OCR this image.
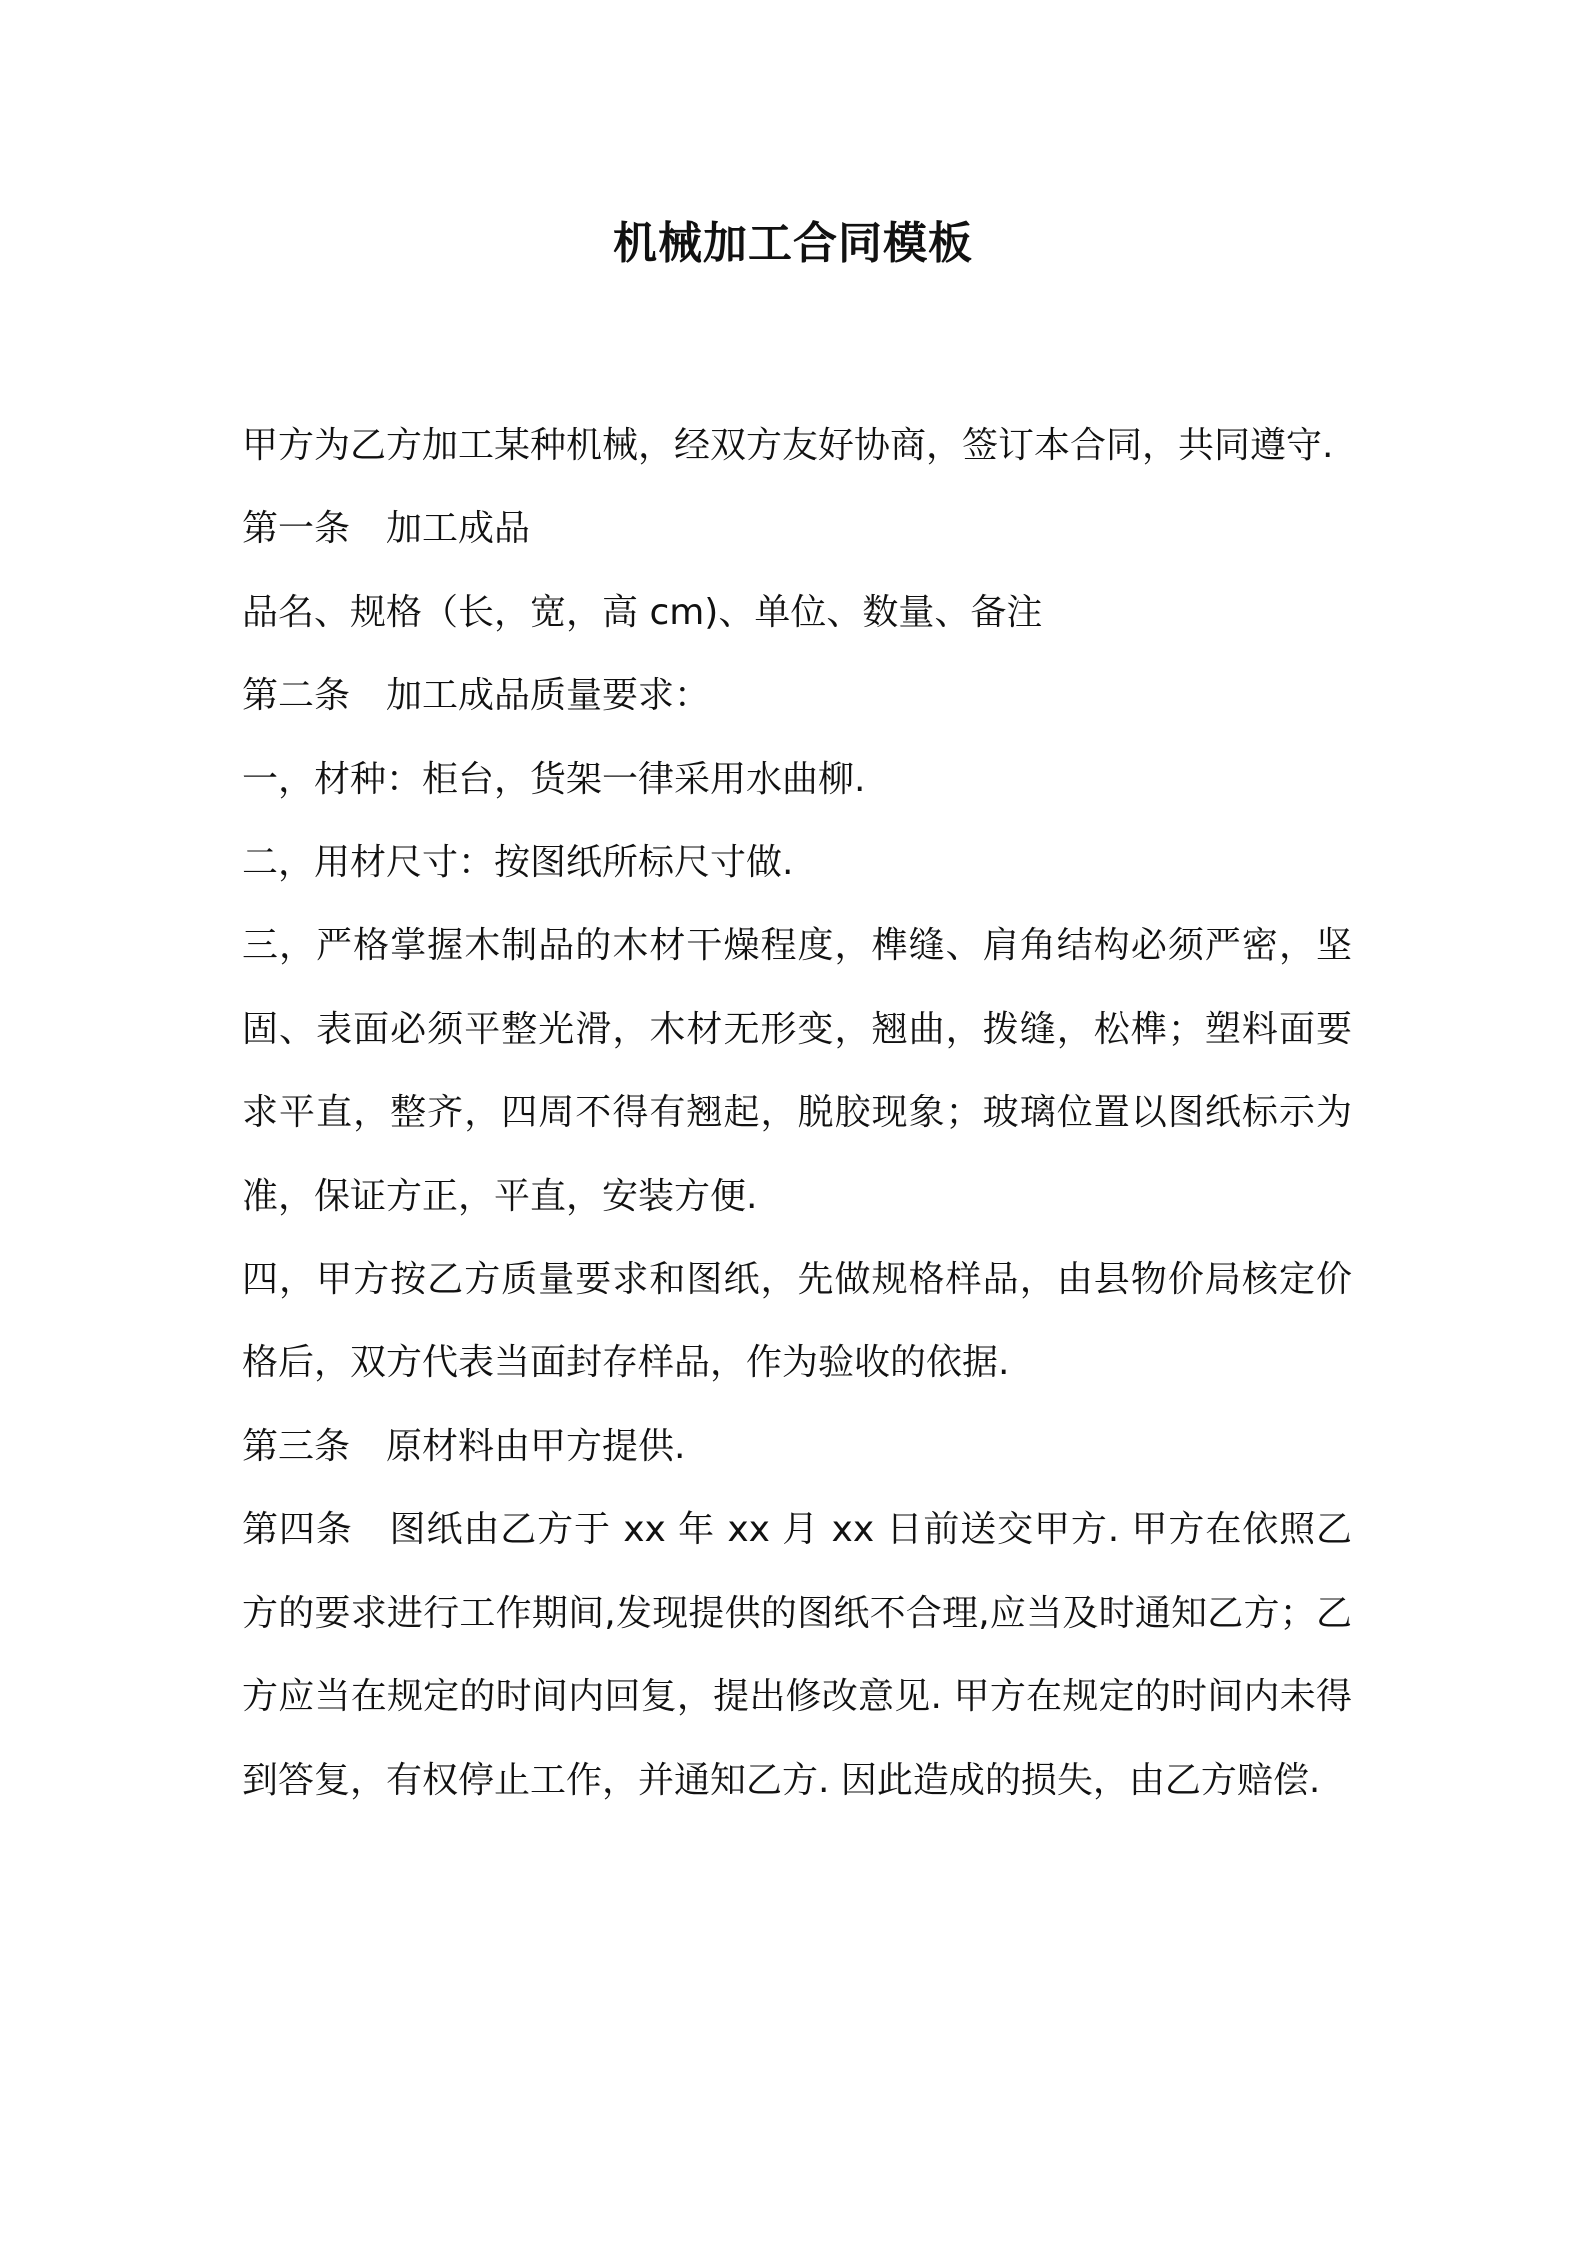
机械加工合同模板

甲方为乙方加工某种机械，经双方友好协商，签订本合同，共同遵守.

第一条 加工成品

品名、规格（长，宽，高 cm)、单位、数量、备注

第二条 加工成品质量要求：

一，材种：柜台，货架一律采用水曲柳.

二，用材尺寸：按图纸所标尺寸做.

三，严格掌握木制品的木材干燥程度，榫缝、肩角结构必须严密，坚固、表面必须平整光滑，木材无形变，翘曲，拨缝，松榫；塑料面要求平直，整齐，四周不得有翘起，脱胶现象；玻璃位置以图纸标示为准，保证方正，平直，安装方便.

四，甲方按乙方质量要求和图纸，先做规格样品，由县物价局核定价格后，双方代表当面封存样品，作为验收的依据.

第三条 原材料由甲方提供.

第四条 图纸由乙方于 xx 年 xx 月 xx 日前送交甲方. 甲方在依照乙方的要求进行工作期间,发现提供的图纸不合理,应当及时通知乙方；乙方应当在规定的时间内回复，提出修改意见. 甲方在规定的时间内未得到答复，有权停止工作，并通知乙方. 因此造成的损失，由乙方赔偿.
